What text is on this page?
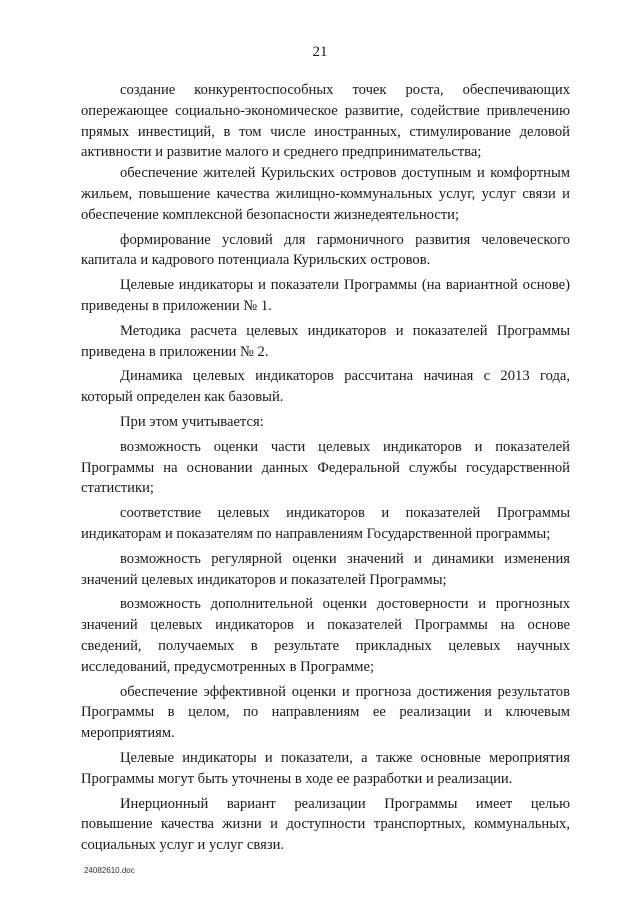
21

создание конкурентоспособных точек роста, обеспечивающих опережающее социально-экономическое развитие, содействие привлечению прямых инвестиций, в том числе иностранных, стимулирование деловой активности и развитие малого и среднего предпринимательства;

обеспечение жителей Курильских островов доступным и комфортным жильем, повышение качества жилищно-коммунальных услуг, услуг связи и обеспечение комплексной безопасности жизнедеятельности;

формирование условий для гармоничного развития человеческого капитала и кадрового потенциала Курильских островов.

Целевые индикаторы и показатели Программы (на вариантной основе) приведены в приложении № 1.

Методика расчета целевых индикаторов и показателей Программы приведена в приложении № 2.

Динамика целевых индикаторов рассчитана начиная с 2013 года, который определен как базовый.

При этом учитывается:

возможность оценки части целевых индикаторов и показателей Программы на основании данных Федеральной службы государственной статистики;

соответствие целевых индикаторов и показателей Программы индикаторам и показателям по направлениям Государственной программы;

возможность регулярной оценки значений и динамики изменения значений целевых индикаторов и показателей Программы;

возможность дополнительной оценки достоверности и прогнозных значений целевых индикаторов и показателей Программы на основе сведений, получаемых в результате прикладных целевых научных исследований, предусмотренных в Программе;

обеспечение эффективной оценки и прогноза достижения результатов Программы в целом, по направлениям ее реализации и ключевым мероприятиям.

Целевые индикаторы и показатели, а также основные мероприятия Программы могут быть уточнены в ходе ее разработки и реализации.

Инерционный вариант реализации Программы имеет целью повышение качества жизни и доступности транспортных, коммунальных, социальных услуг и услуг связи.

24082610.doc
